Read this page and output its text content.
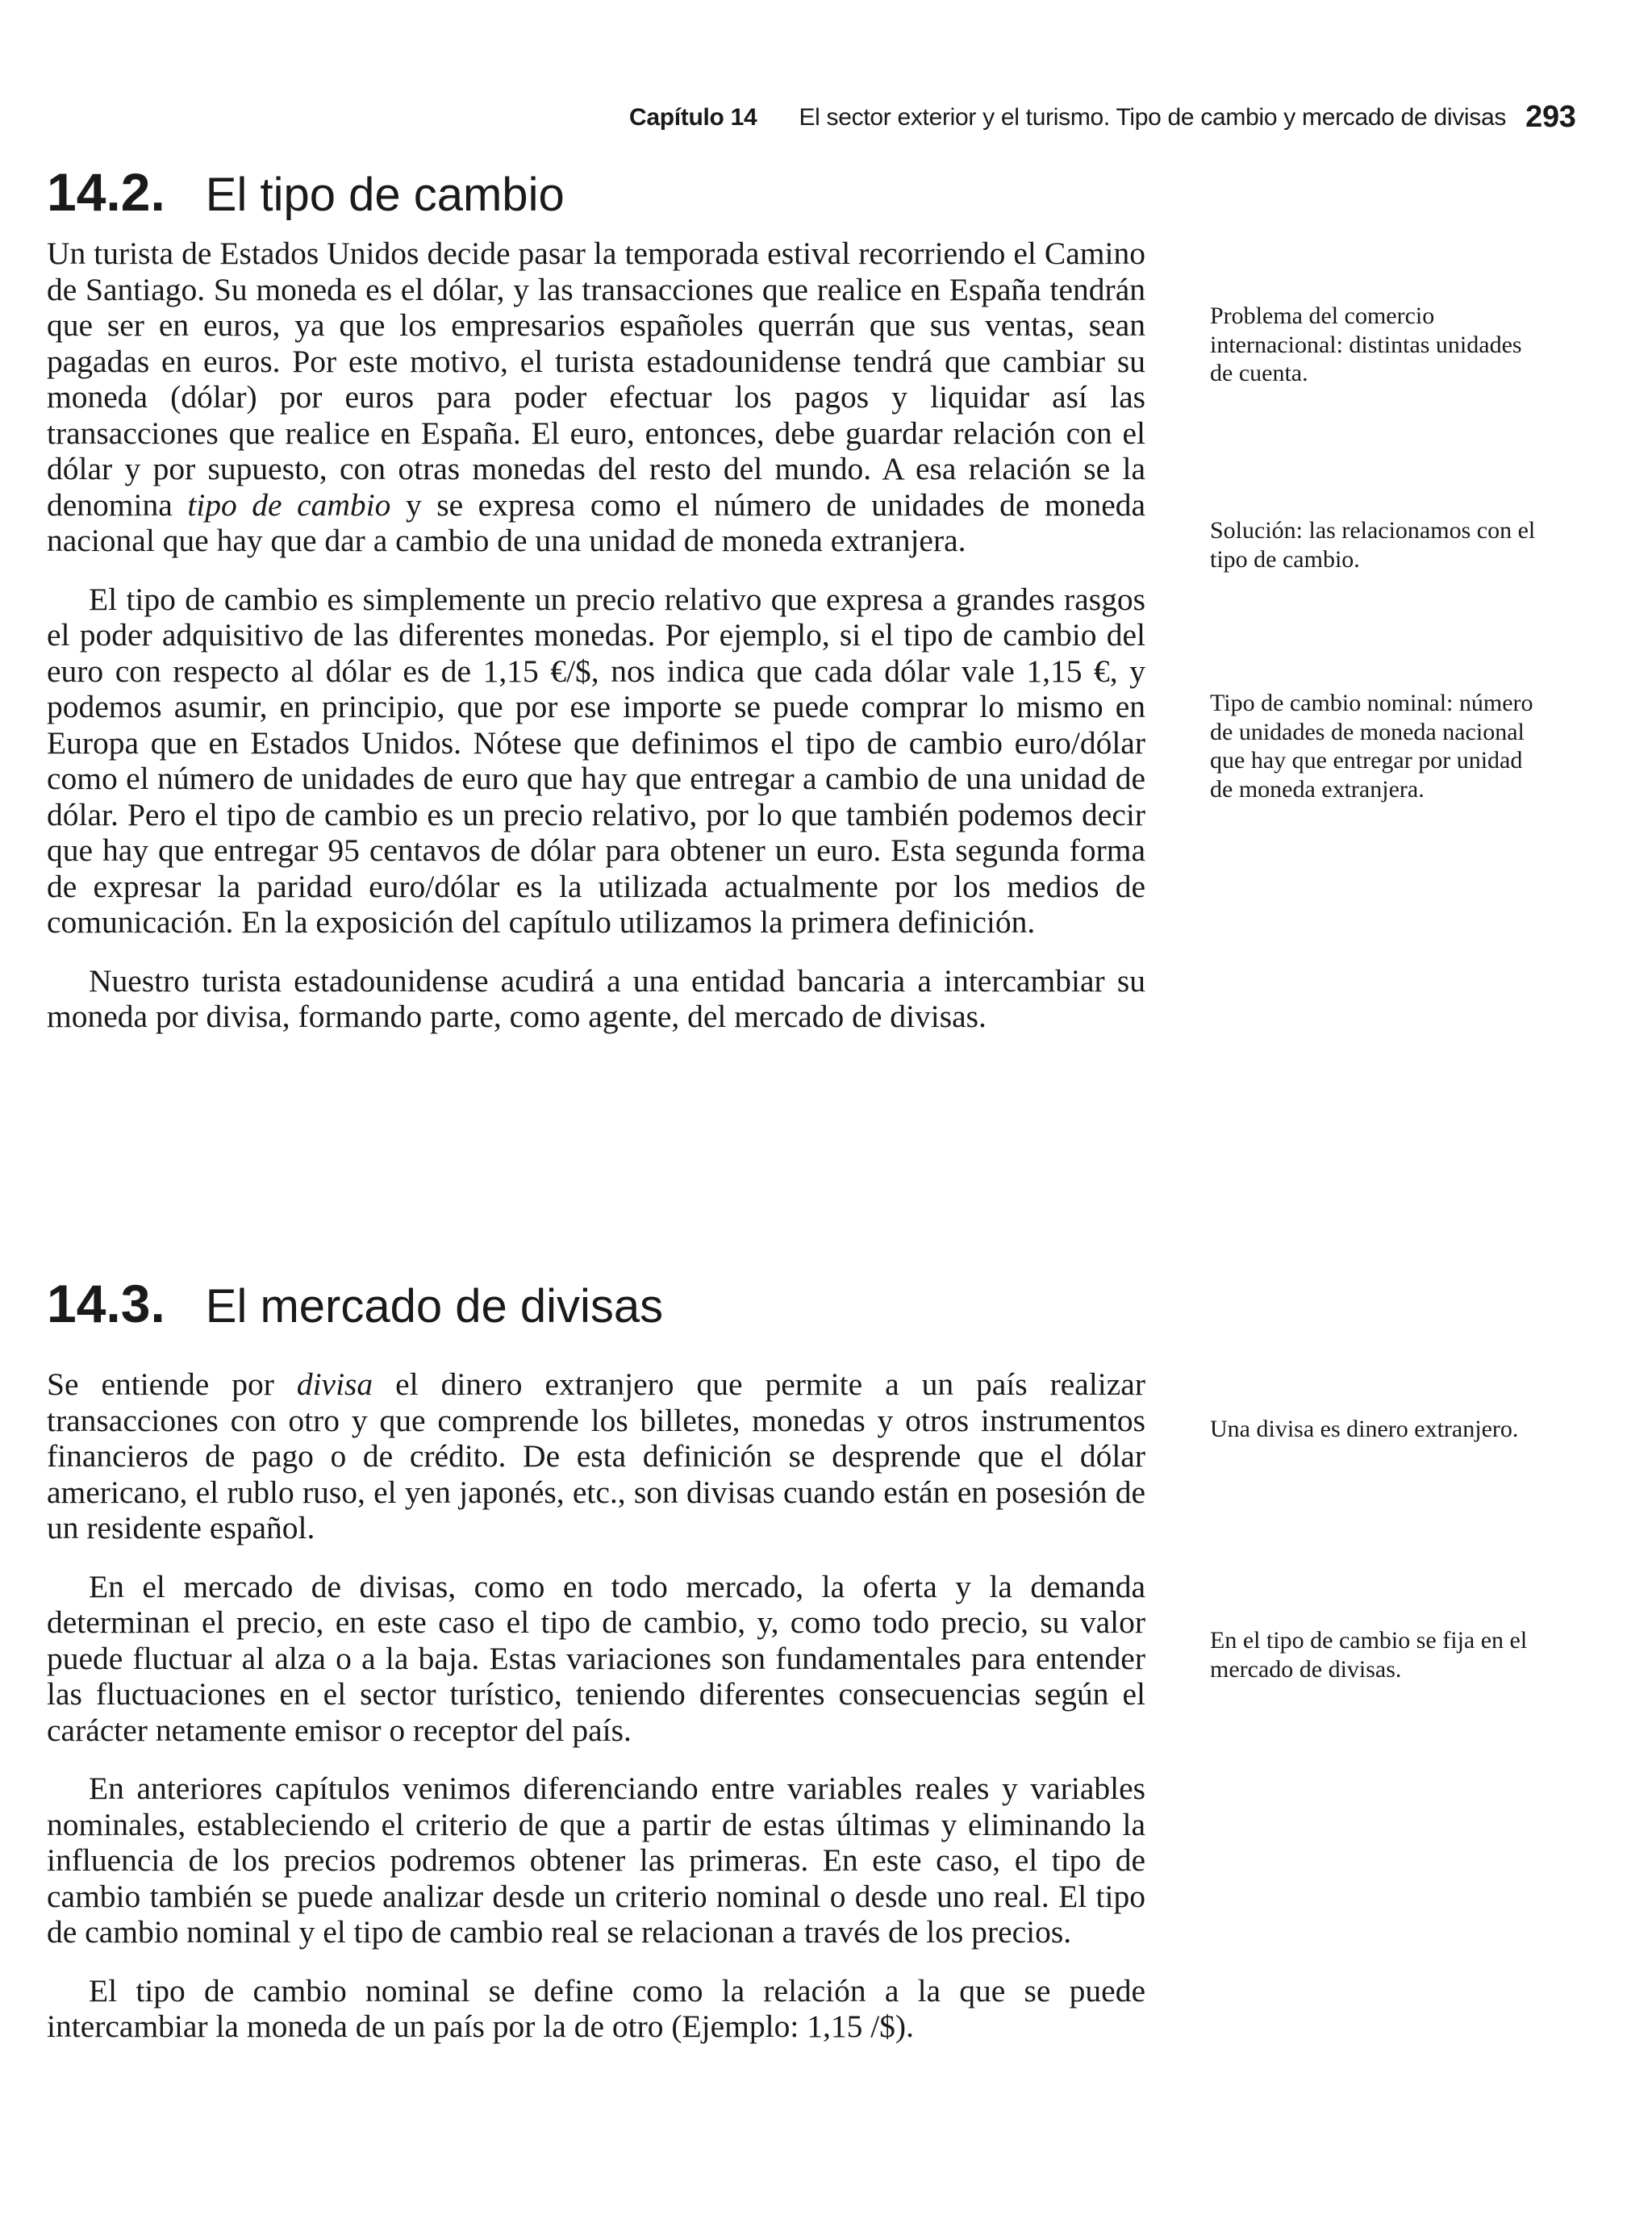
Capítulo 14 El sector exterior y el turismo. Tipo de cambio y mercado de divisas 293
14.2. El tipo de cambio

Un turista de Estados Unidos decide pasar la temporada estival recorriendo el Camino de Santiago. Su moneda es el dólar, y las transacciones que realice en España tendrán que ser en euros, ya que los empresarios españoles querrán que sus ventas, sean pagadas en euros. Por este motivo, el turista estadounidense tendrá que cambiar su moneda (dólar) por euros para poder efectuar los pagos y liquidar así las transacciones que realice en España. El euro, entonces, debe guardar relación con el dólar y por supuesto, con otras monedas del resto del mundo. A esa relación se la denomina tipo de cambio y se expresa como el número de unidades de moneda nacional que hay que dar a cambio de una unidad de moneda extranjera.

El tipo de cambio es simplemente un precio relativo que expresa a grandes rasgos el poder adquisitivo de las diferentes monedas. Por ejemplo, si el tipo de cambio del euro con respecto al dólar es de 1,15 €/$, nos indica que cada dólar vale 1,15 €, y podemos asumir, en principio, que por ese importe se puede comprar lo mismo en Europa que en Estados Unidos. Nótese que definimos el tipo de cambio euro/dólar como el número de unidades de euro que hay que entregar a cambio de una unidad de dólar. Pero el tipo de cambio es un precio relativo, por lo que también podemos decir que hay que entregar 95 centavos de dólar para obtener un euro. Esta segunda forma de expresar la paridad euro/dólar es la utilizada actualmente por los medios de comunicación. En la exposición del capítulo utilizamos la primera definición.

Nuestro turista estadounidense acudirá a una entidad bancaria a intercambiar su moneda por divisa, formando parte, como agente, del mercado de divisas.

14.3. El mercado de divisas

Se entiende por divisa el dinero extranjero que permite a un país realizar transacciones con otro y que comprende los billetes, monedas y otros instrumentos financieros de pago o de crédito. De esta definición se desprende que el dólar americano, el rublo ruso, el yen japonés, etc., son divisas cuando están en posesión de un residente español.

En el mercado de divisas, como en todo mercado, la oferta y la demanda determinan el precio, en este caso el tipo de cambio, y, como todo precio, su valor puede fluctuar al alza o a la baja. Estas variaciones son fundamentales para entender las fluctuaciones en el sector turístico, teniendo diferentes consecuencias según el carácter netamente emisor o receptor del país.

En anteriores capítulos venimos diferenciando entre variables reales y variables nominales, estableciendo el criterio de que a partir de estas últimas y eliminando la influencia de los precios podremos obtener las primeras. En este caso, el tipo de cambio también se puede analizar desde un criterio nominal o desde uno real. El tipo de cambio nominal y el tipo de cambio real se relacionan a través de los precios.

El tipo de cambio nominal se define como la relación a la que se puede intercambiar la moneda de un país por la de otro (Ejemplo: 1,15 /$).

Problema del comercio internacional: distintas unidades de cuenta.

Solución: las relacionamos con el tipo de cambio.

Tipo de cambio nominal: número de unidades de moneda nacional que hay que entregar por unidad de moneda extranjera.

Una divisa es dinero extranjero.

En el tipo de cambio se fija en el mercado de divisas.
